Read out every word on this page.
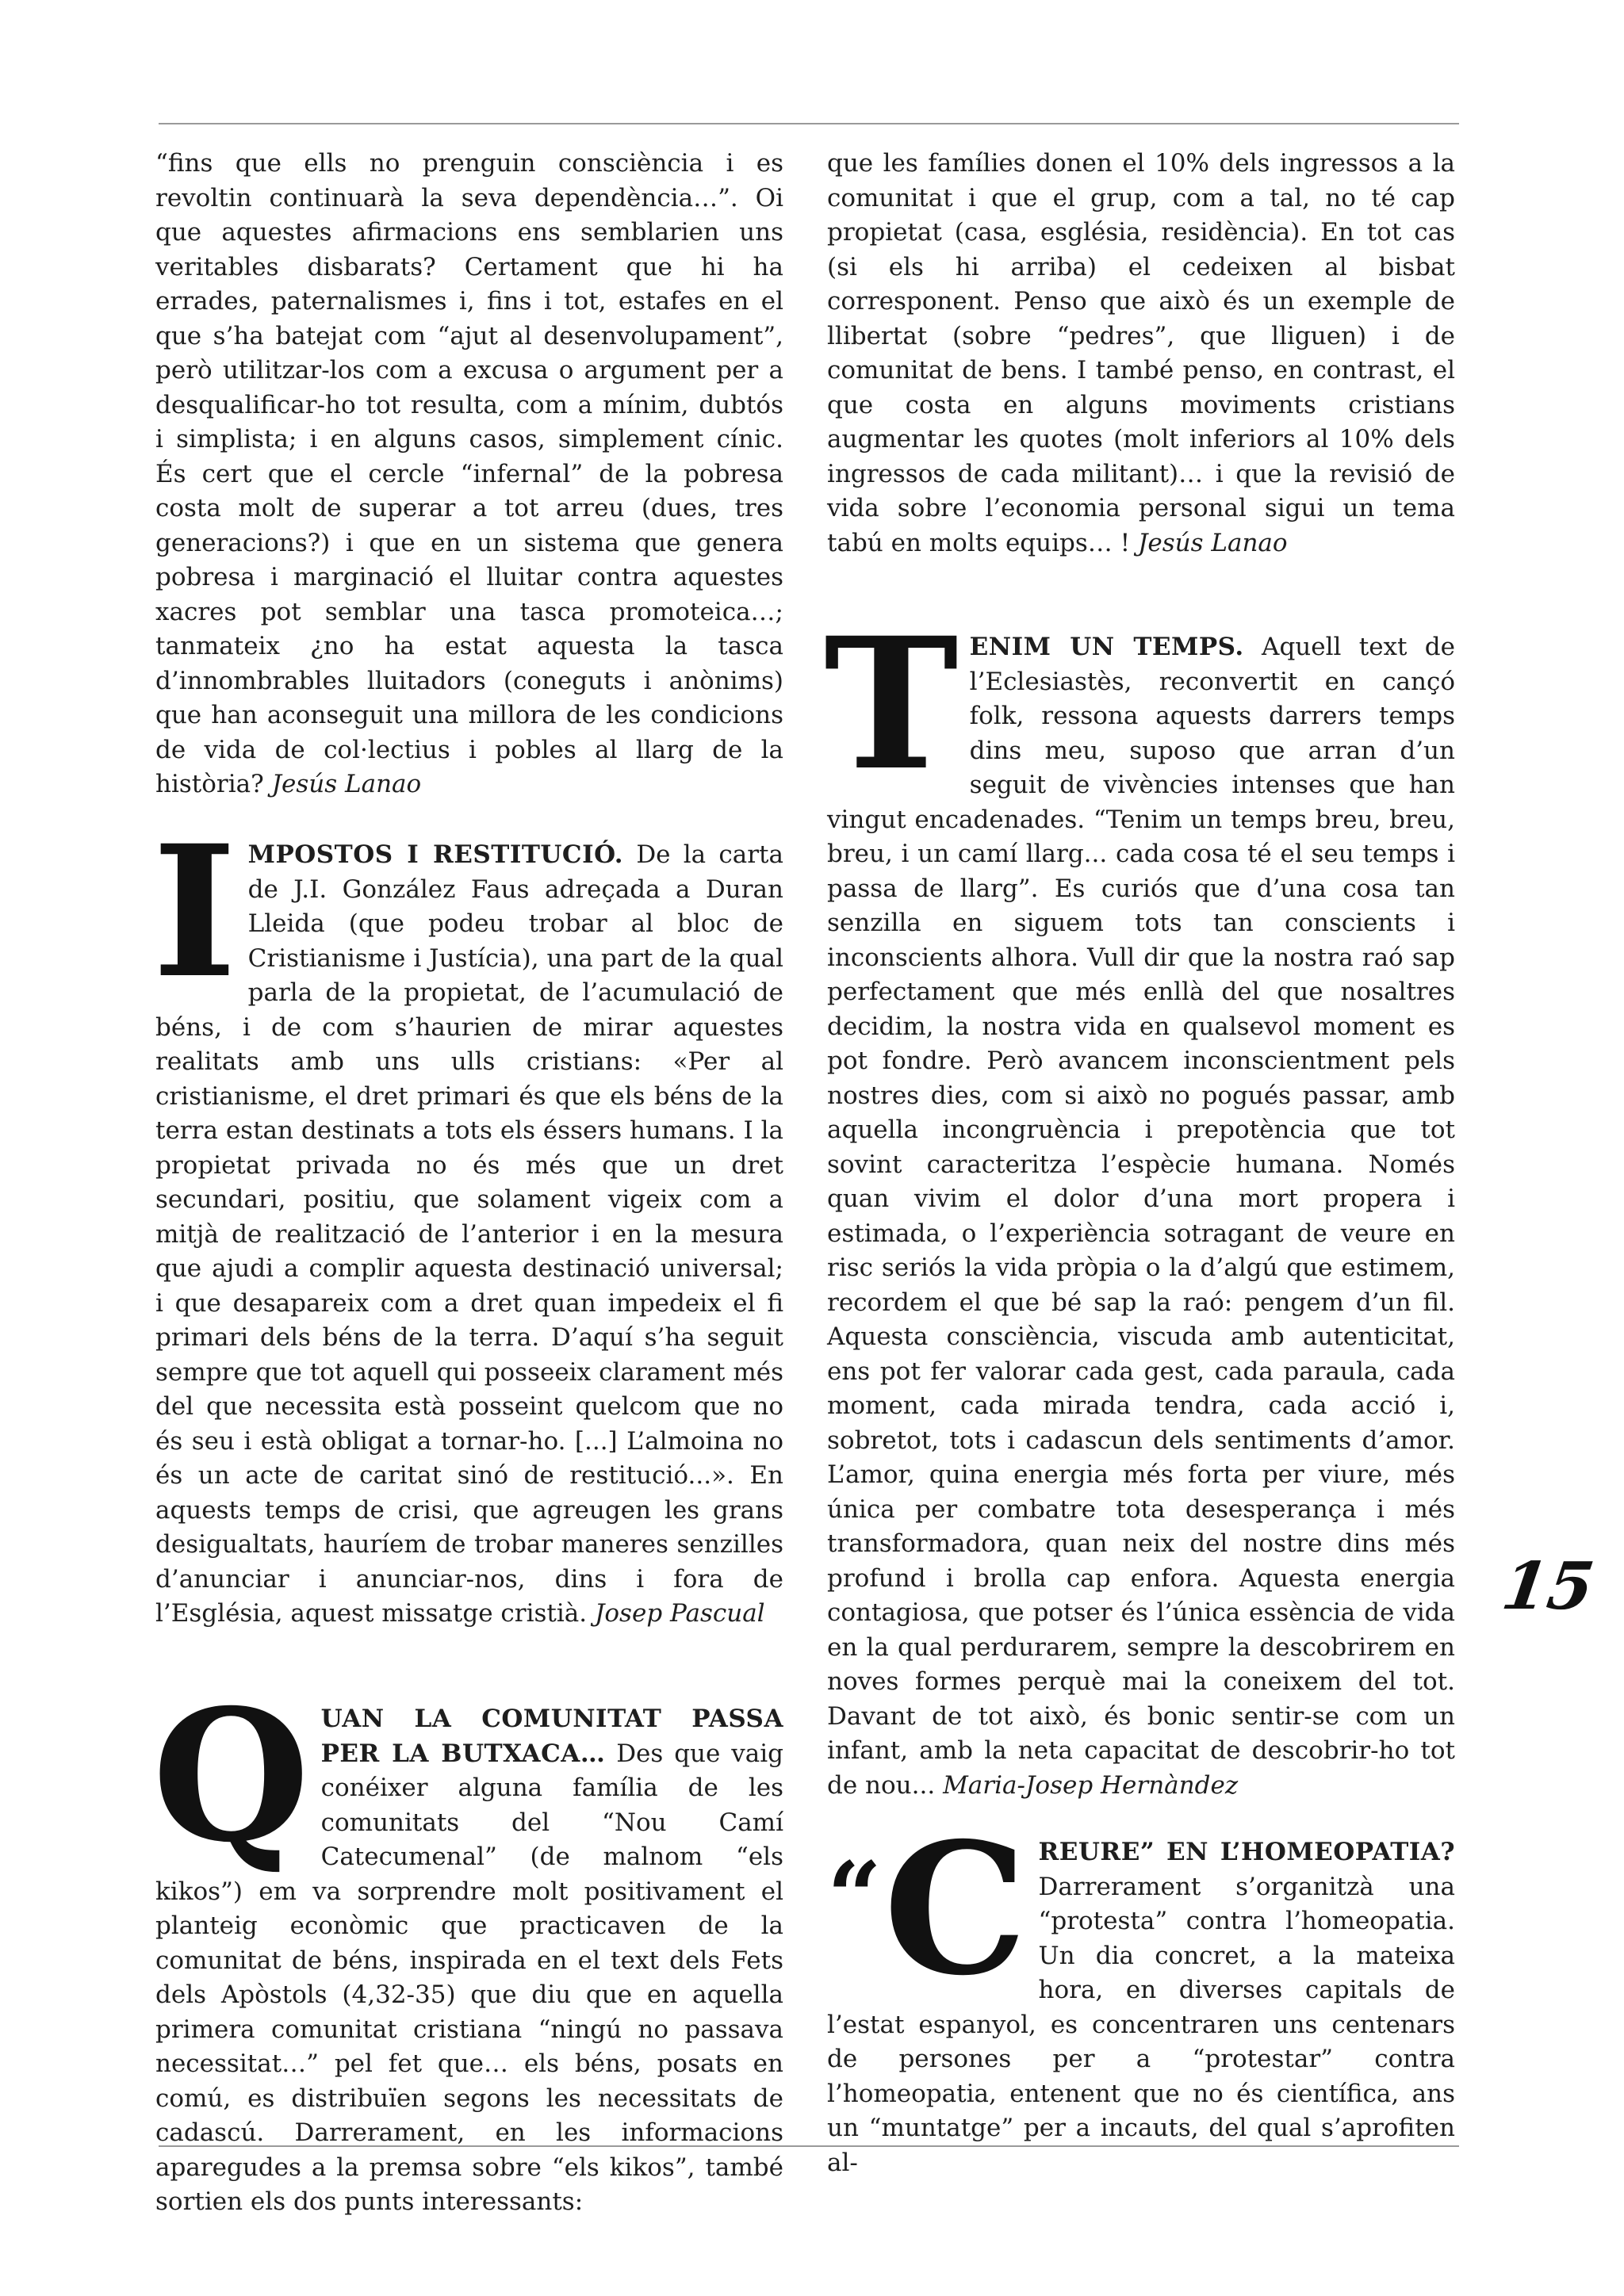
“fins que ells no prenguin consciència i es revoltin continuarà la seva dependència…”. Oi que aquestes afirmacions ens semblarien uns veritables disbarats? Certament que hi ha errades, paternalismes i, fins i tot, estafes en el que s’ha batejat com “ajut al desenvolupament”, però utilitzar-los com a excusa o argument per a desqualificar-ho tot resulta, com a mínim, dubtós i simplista; i en alguns casos, simplement cínic. És cert que el cercle “infernal” de la pobresa costa molt de superar a tot arreu (dues, tres generacions?) i que en un sistema que genera pobresa i marginació el lluitar contra aquestes xacres pot semblar una tasca promoteica…; tanmateix ¿no ha estat aquesta la tasca d’innombrables lluitadors (coneguts i anònims) que han aconseguit una millora de les condicions de vida de col·lectius i pobles al llarg de la història? Jesús Lanao

I MPOSTOS I RESTITUCIÓ. De la carta de J.I. González Faus adreçada a Duran Lleida (que podeu trobar al bloc de Cristianisme i Justícia), una part de la qual parla de la propietat, de l’acumulació de béns, i de com s’haurien de mirar aquestes realitats amb uns ulls cristians: «Per al cristianisme, el dret primari és que els béns de la terra estan destinats a tots els éssers humans. I la propietat privada no és més que un dret secundari, positiu, que solament vigeix com a mitjà de realització de l’anterior i en la mesura que ajudi a complir aquesta destinació universal; i que desapareix com a dret quan impedeix el fi primari dels béns de la terra. D’aquí s’ha seguit sempre que tot aquell qui posseeix clarament més del que necessita està posseint quelcom que no és seu i està obligat a tornar-ho. [...] L’almoina no és un acte de caritat sinó de restitució...». En aquests temps de crisi, que agreugen les grans desigualtats, hauríem de trobar maneres senzilles d’anunciar i anunciar-nos, dins i fora de l’Església, aquest missatge cristià. Josep Pascual

Q UAN LA COMUNITAT PASSA PER LA BUTXACA… Des que vaig conéixer alguna família de les comunitats del “Nou Camí Catecumenal” (de malnom “els kikos”) em va sorprendre molt positivament el planteig econòmic que practicaven de la comunitat de béns, inspirada en el text dels Fets dels Apòstols (4,32-35) que diu que en aquella primera comunitat cristiana “ningú no passava necessitat…” pel fet que… els béns, posats en comú, es distribuïen segons les necessitats de cadascú. Darrerament, en les informacions aparegudes a la premsa sobre “els kikos”, també sortien els dos punts interessants:

que les famílies donen el 10% dels ingressos a la comunitat i que el grup, com a tal, no té cap propietat (casa, església, residència). En tot cas (si els hi arriba) el cedeixen al bisbat corresponent. Penso que això és un exemple de llibertat (sobre “pedres”, que lliguen) i de comunitat de bens. I també penso, en contrast, el que costa en alguns moviments cristians augmentar les quotes (molt inferiors al 10% dels ingressos de cada militant)… i que la revisió de vida sobre l’economia personal sigui un tema tabú en molts equips… ! Jesús Lanao

T ENIM UN TEMPS. Aquell text de l’Eclesiastès, reconvertit en cançó folk, ressona aquests darrers temps dins meu, suposo que arran d’un seguit de vivències intenses que han vingut encadenades. “Tenim un temps breu, breu, breu, i un camí llarg... cada cosa té el seu temps i passa de llarg”. Es curiós que d’una cosa tan senzilla en siguem tots tan conscients i inconscients alhora. Vull dir que la nostra raó sap perfectament que més enllà del que nosaltres decidim, la nostra vida en qualsevol moment es pot fondre. Però avancem inconscientment pels nostres dies, com si això no pogués passar, amb aquella incongruència i prepotència que tot sovint caracteritza l’espècie humana. Només quan vivim el dolor d’una mort propera i estimada, o l’experiència sotragant de veure en risc seriós la vida pròpia o la d’algú que estimem, recordem el que bé sap la raó: pengem d’un fil. Aquesta consciència, viscuda amb autenticitat, ens pot fer valorar cada gest, cada paraula, cada moment, cada mirada tendra, cada acció i, sobretot, tots i cadascun dels sentiments d’amor. L’amor, quina energia més forta per viure, més única per combatre tota desesperança i més transformadora, quan neix del nostre dins més profund i brolla cap enfora. Aquesta energia contagiosa, que potser és l’única essència de vida en la qual perdurarem, sempre la descobrirem en noves formes perquè mai la coneixem del tot. Davant de tot això, és bonic sentir-se com un infant, amb la neta capacitat de descobrir-ho tot de nou... Maria-Josep Hernàndez

“ C REURE” EN L’HOMEOPATIA? Darrerament s’organitzà una “protesta” contra l’homeopatia. Un dia concret, a la mateixa hora, en diverses capitals de l’estat espanyol, es concentraren uns centenars de persones per a “protestar” contra l’homeopatia, entenent que no és científica, ans un “muntatge” per a incauts, del qual s’aprofiten al-

15
